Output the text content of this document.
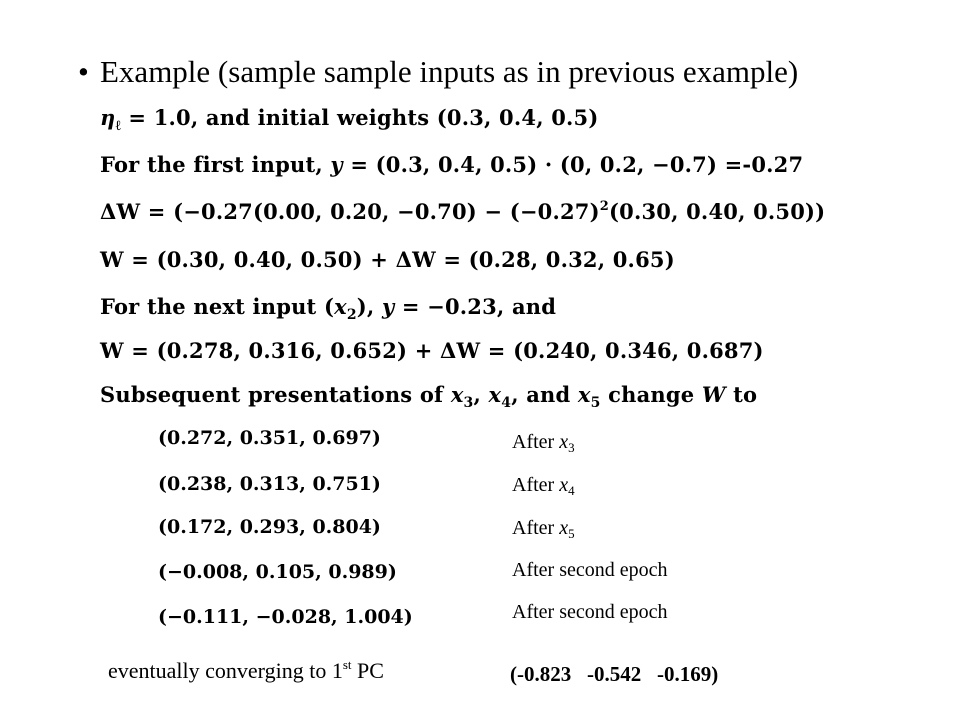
• Example (sample sample inputs as in previous example)
$\eta_\ell = 1.0$, and initial weights (0.3, 0.4, 0.5)
For the first input, y = (0.3, 0.4, 0.5) · (0, 0.2, −0.7) =-0.27
ΔW = (−0.27(0.00, 0.20, $-0.70) - (-0.27)^2(0.30$, 0.40, 0.50))
W = (0.30, 0.40, 0.50) + ΔW = (0.28, 0.32, 0.65)
For the next input $(x_2)$, y = −0.23, and
W = (0.278, 0.316, 0.652) + ΔW = (0.240, 0.346, 0.687)
Subsequent presentations of $x_3$, $x_4$, and $x_5$ change W to
(0.272, 0.351, 0.697)	After $x_3$
(0.238, 0.313, 0.751)	After $x_4$
(0.172, 0.293, 0.804)	After $x_5$
(−0.008, 0.105, 0.989)	After second epoch
(−0.111, −0.028, 1.004)	After second epoch
eventually converging to 1st PC	(-0.823   -0.542   -0.169)
